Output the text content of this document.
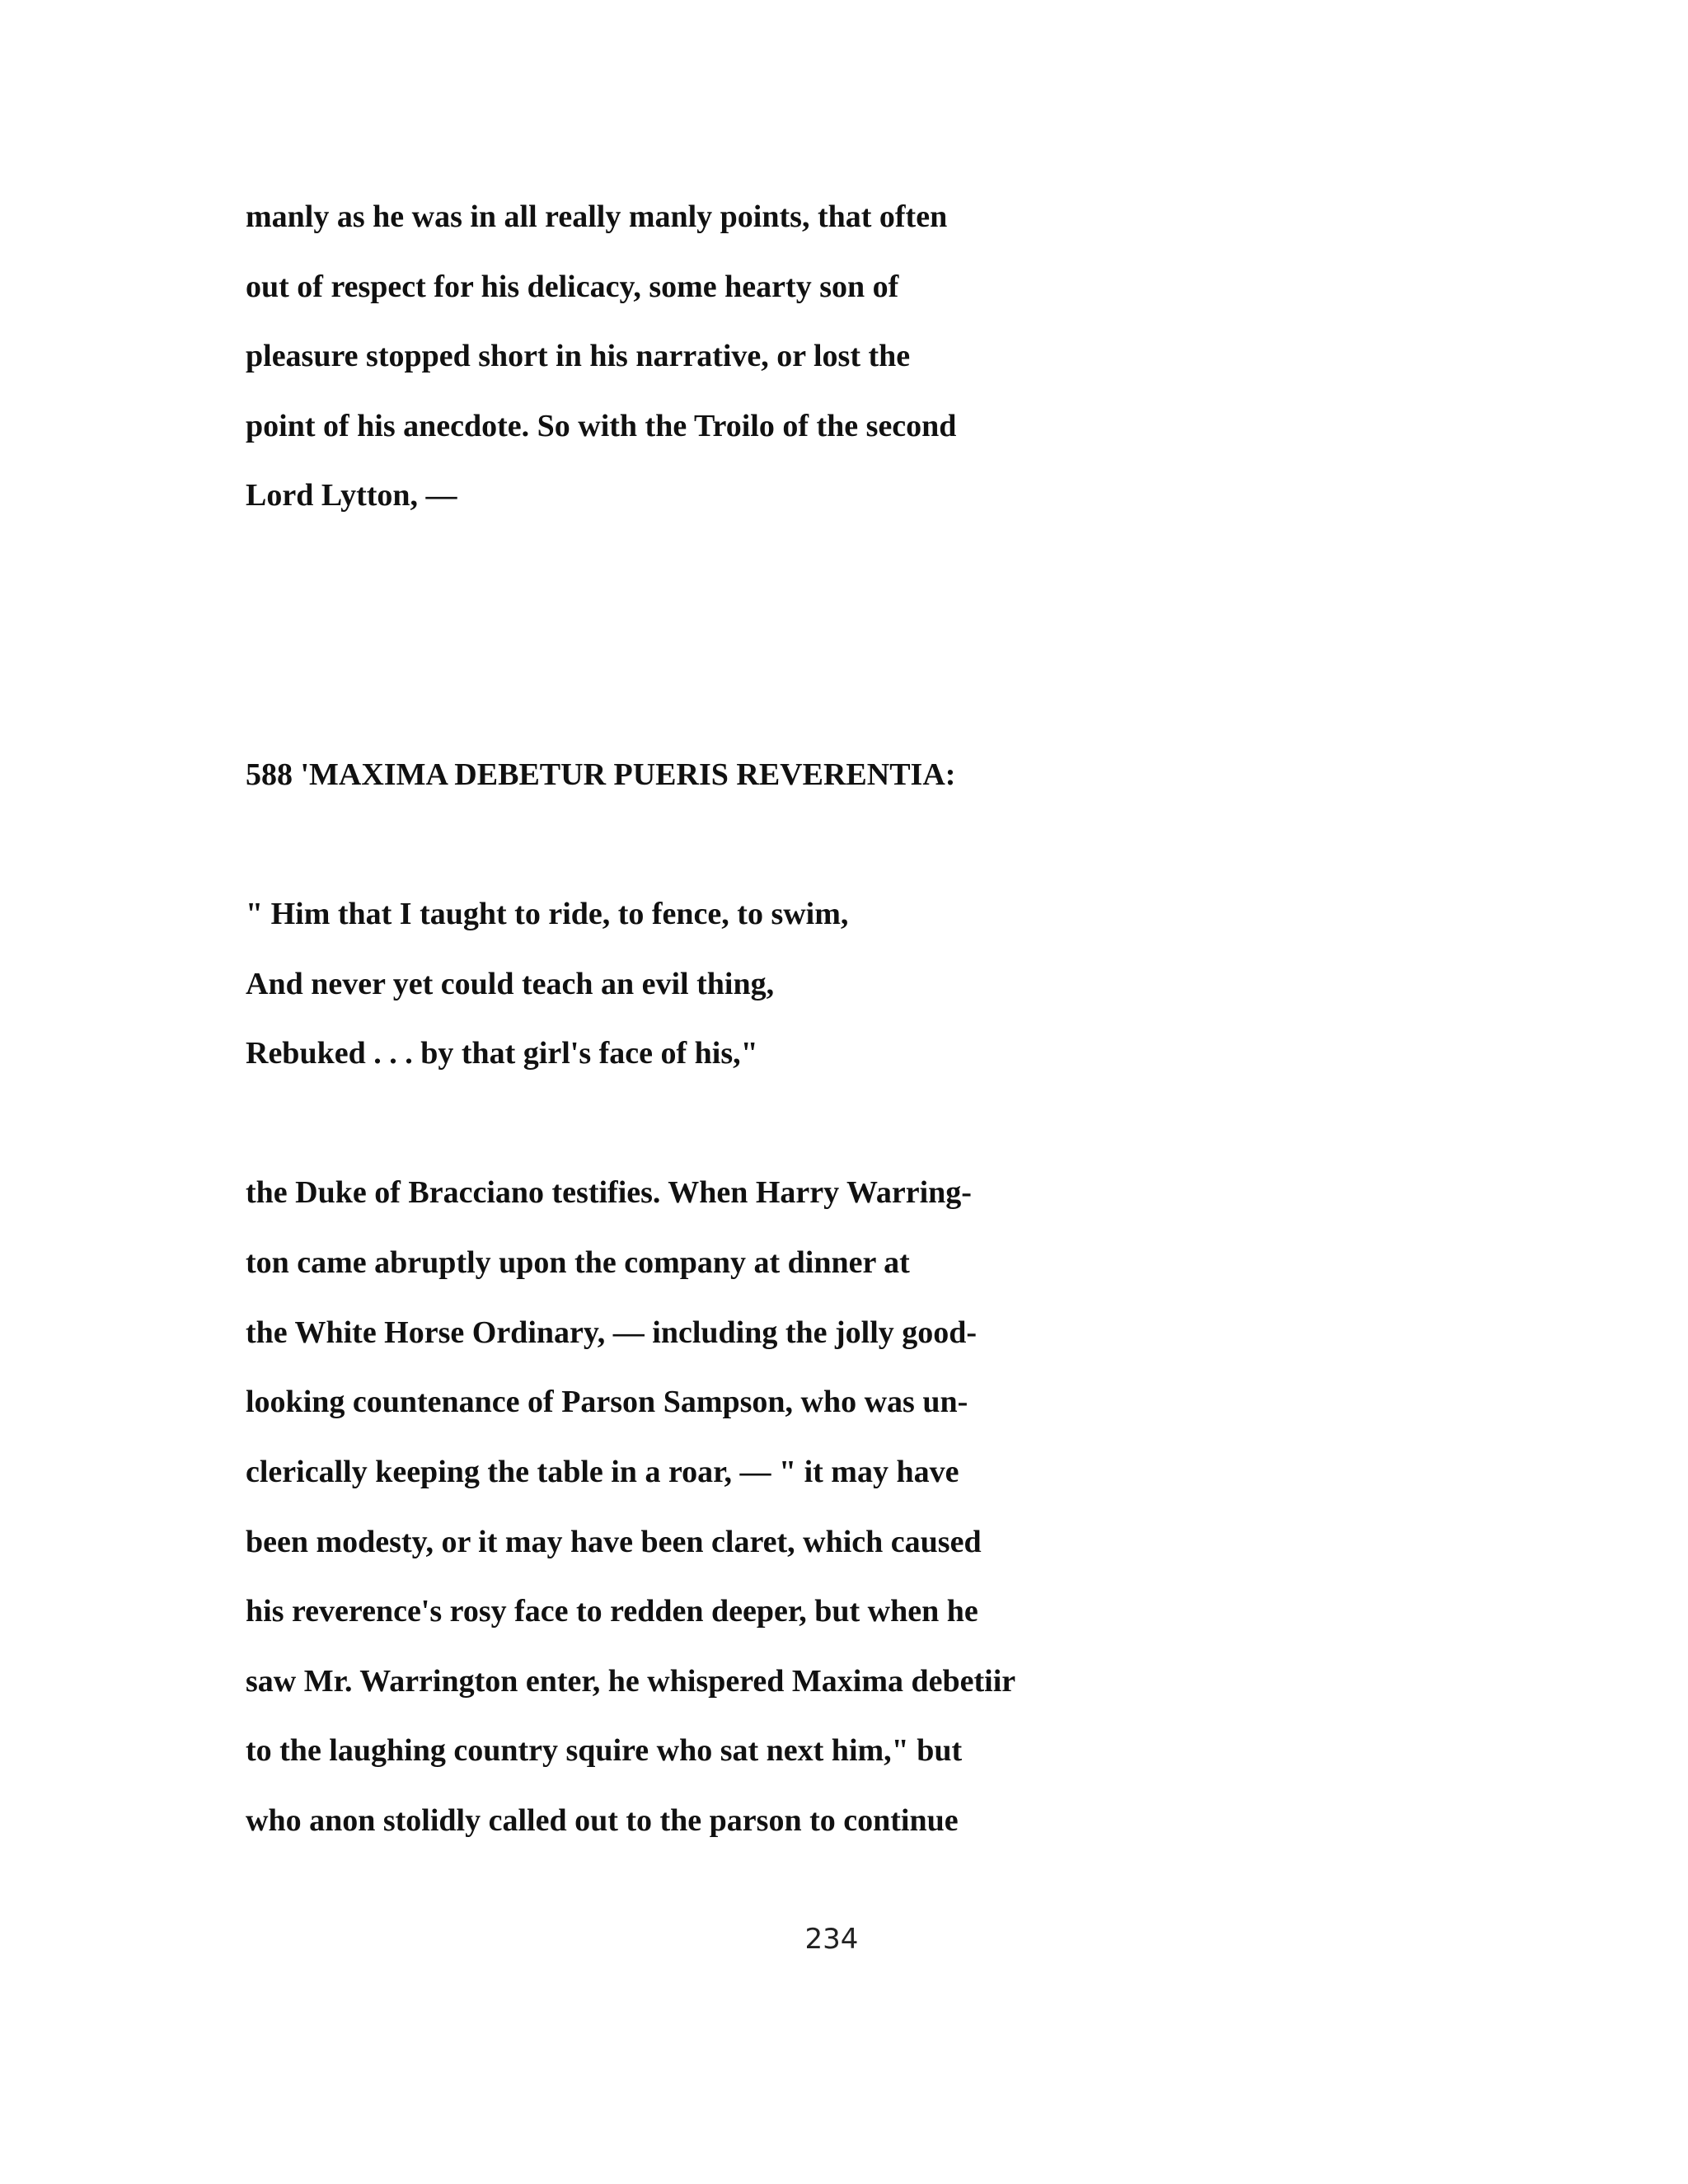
manly as he was in all really manly points, that often

out of respect for his delicacy, some hearty son of

pleasure stopped short in his narrative, or lost the

point of his anecdote. So with the Troilo of the second

Lord Lytton, —

588 'MAXIMA DEBETUR PUERIS REVERENTIA:

" Him that I taught to ride, to fence, to swim,

And never yet could teach an evil thing,

Rebuked . . . by that girl's face of his,"

the Duke of Bracciano testifies. When Harry Warring-

ton came abruptly upon the company at dinner at

the White Horse Ordinary, — including the jolly good-

looking countenance of Parson Sampson, who was un-

clerically keeping the table in a roar, — " it may have

been modesty, or it may have been claret, which caused

his reverence's rosy face to redden deeper, but when he

saw Mr. Warrington enter, he whispered Maxima debetiir

to the laughing country squire who sat next him," but

who anon stolidly called out to the parson to continue

234
